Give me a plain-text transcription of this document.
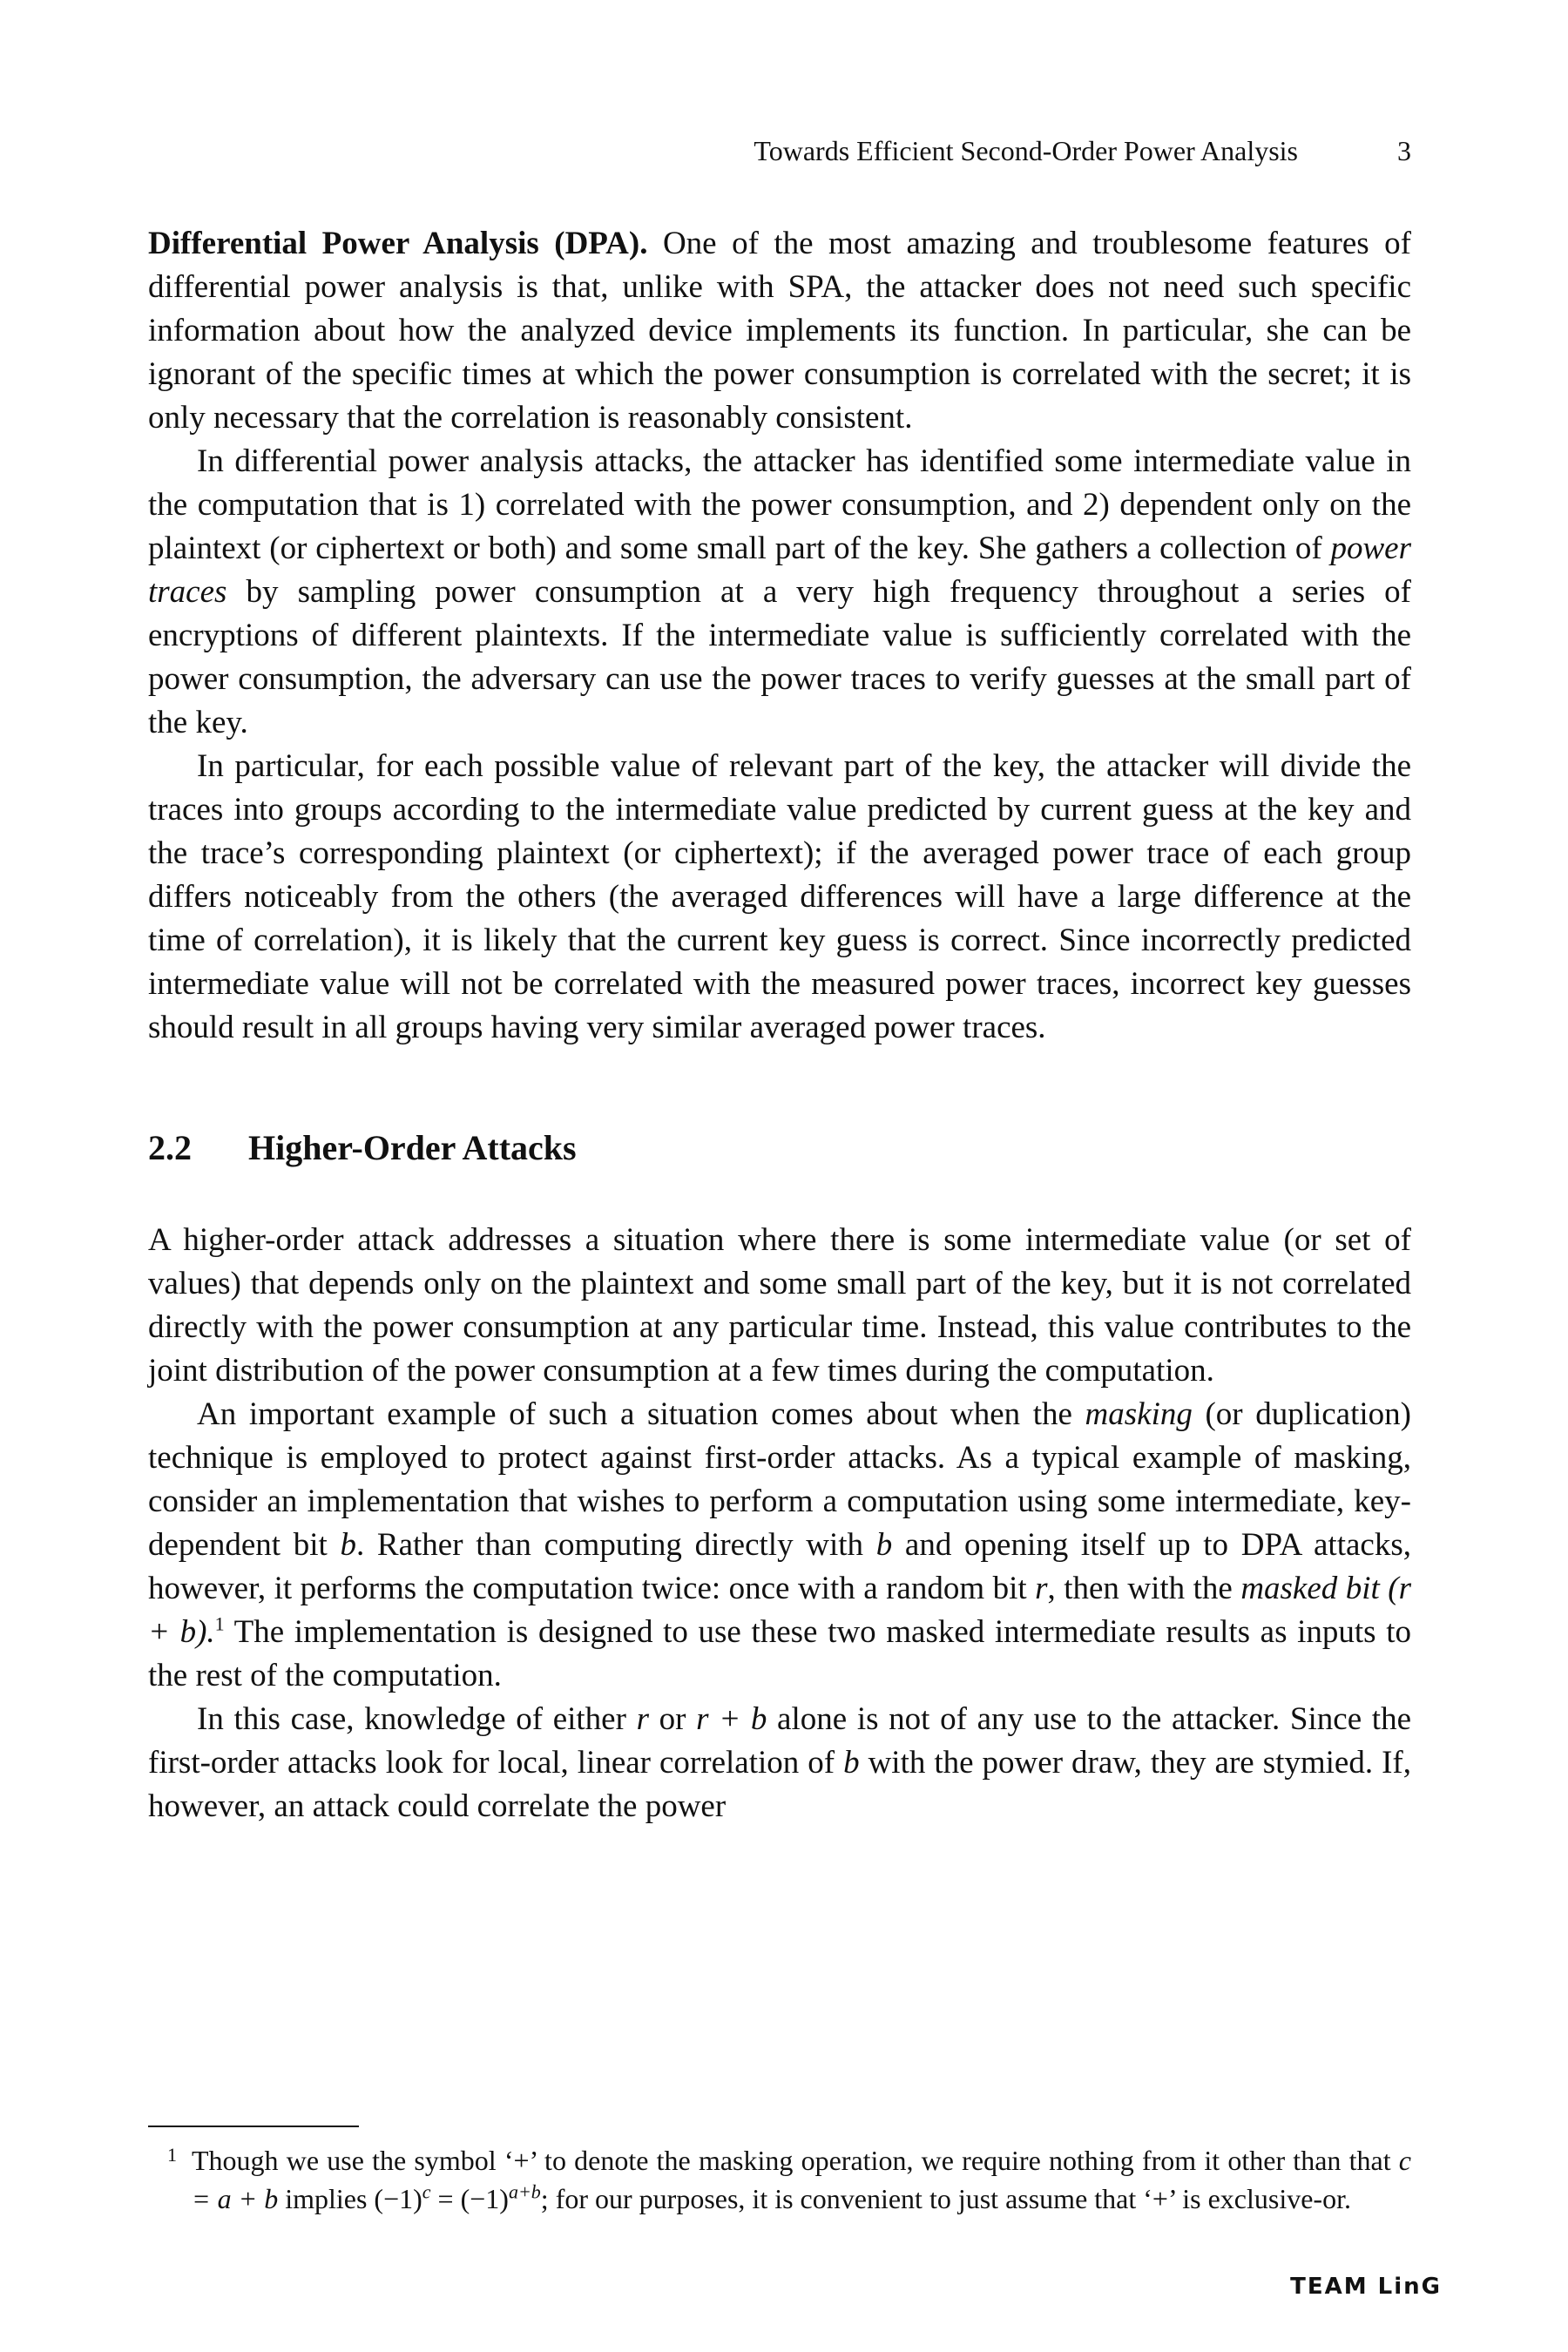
Towards Efficient Second-Order Power Analysis	3

Differential Power Analysis (DPA). One of the most amazing and troublesome features of differential power analysis is that, unlike with SPA, the attacker does not need such specific information about how the analyzed device implements its function. In particular, she can be ignorant of the specific times at which the power consumption is correlated with the secret; it is only necessary that the correlation is reasonably consistent.

In differential power analysis attacks, the attacker has identified some intermediate value in the computation that is 1) correlated with the power consumption, and 2) dependent only on the plaintext (or ciphertext or both) and some small part of the key. She gathers a collection of power traces by sampling power consumption at a very high frequency throughout a series of encryptions of different plaintexts. If the intermediate value is sufficiently correlated with the power consumption, the adversary can use the power traces to verify guesses at the small part of the key.

In particular, for each possible value of relevant part of the key, the attacker will divide the traces into groups according to the intermediate value predicted by current guess at the key and the trace’s corresponding plaintext (or ciphertext); if the averaged power trace of each group differs noticeably from the others (the averaged differences will have a large difference at the time of correlation), it is likely that the current key guess is correct. Since incorrectly predicted intermediate value will not be correlated with the measured power traces, incorrect key guesses should result in all groups having very similar averaged power traces.

2.2 Higher-Order Attacks

A higher-order attack addresses a situation where there is some intermediate value (or set of values) that depends only on the plaintext and some small part of the key, but it is not correlated directly with the power consumption at any particular time. Instead, this value contributes to the joint distribution of the power consumption at a few times during the computation.

An important example of such a situation comes about when the masking (or duplication) technique is employed to protect against first-order attacks. As a typical example of masking, consider an implementation that wishes to perform a computation using some intermediate, key-dependent bit b. Rather than computing directly with b and opening itself up to DPA attacks, however, it performs the computation twice: once with a random bit r, then with the masked bit (r + b).$^1$ The implementation is designed to use these two masked intermediate results as inputs to the rest of the computation.

In this case, knowledge of either r or r + b alone is not of any use to the attacker. Since the first-order attacks look for local, linear correlation of b with the power draw, they are stymied. If, however, an attack could correlate the power

1 Though we use the symbol ‘+’ to denote the masking operation, we require nothing from it other than that c = a + b implies $(-1)^c = (-1)^{a+b}$; for our purposes, it is convenient to just assume that ‘+’ is exclusive-or.
TEAM LinG
